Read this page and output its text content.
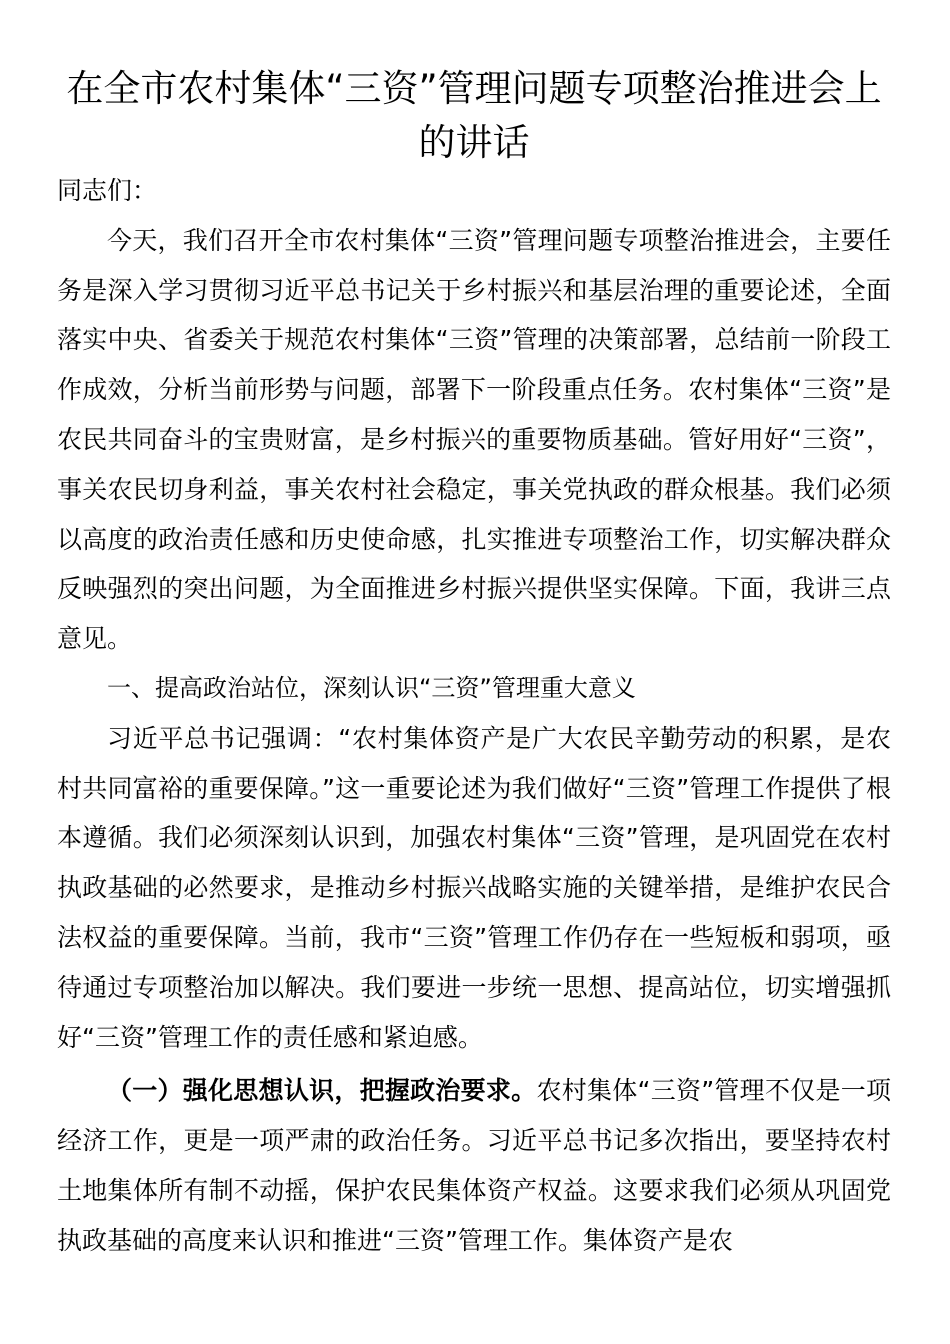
在全市农村集体“三资”管理问题专项整治推进会上的讲话

同志们：

今天，我们召开全市农村集体“三资”管理问题专项整治推进会，主要任务是深入学习贯彻习近平总书记关于乡村振兴和基层治理的重要论述，全面落实中央、省委关于规范农村集体“三资”管理的决策部署，总结前一阶段工作成效，分析当前形势与问题，部署下一阶段重点任务。农村集体“三资”是农民共同奋斗的宝贵财富，是乡村振兴的重要物质基础。管好用好“三资”，事关农民切身利益，事关农村社会稳定，事关党执政的群众根基。我们必须以高度的政治责任感和历史使命感，扎实推进专项整治工作，切实解决群众反映强烈的突出问题，为全面推进乡村振兴提供坚实保障。下面，我讲三点意见。

一、提高政治站位，深刻认识“三资”管理重大意义

习近平总书记强调：“农村集体资产是广大农民辛勤劳动的积累，是农村共同富裕的重要保障。”这一重要论述为我们做好“三资”管理工作提供了根本遵循。我们必须深刻认识到，加强农村集体“三资”管理，是巩固党在农村执政基础的必然要求，是推动乡村振兴战略实施的关键举措，是维护农民合法权益的重要保障。当前，我市“三资”管理工作仍存在一些短板和弱项，亟待通过专项整治加以解决。我们要进一步统一思想、提高站位，切实增强抓好“三资”管理工作的责任感和紧迫感。

（一）强化思想认识，把握政治要求。农村集体“三资”管理不仅是一项经济工作，更是一项严肃的政治任务。习近平总书记多次指出，要坚持农村土地集体所有制不动摇，保护农民集体资产权益。这要求我们必须从巩固党执政基础的高度来认识和推进“三资”管理工作。集体资产是农
